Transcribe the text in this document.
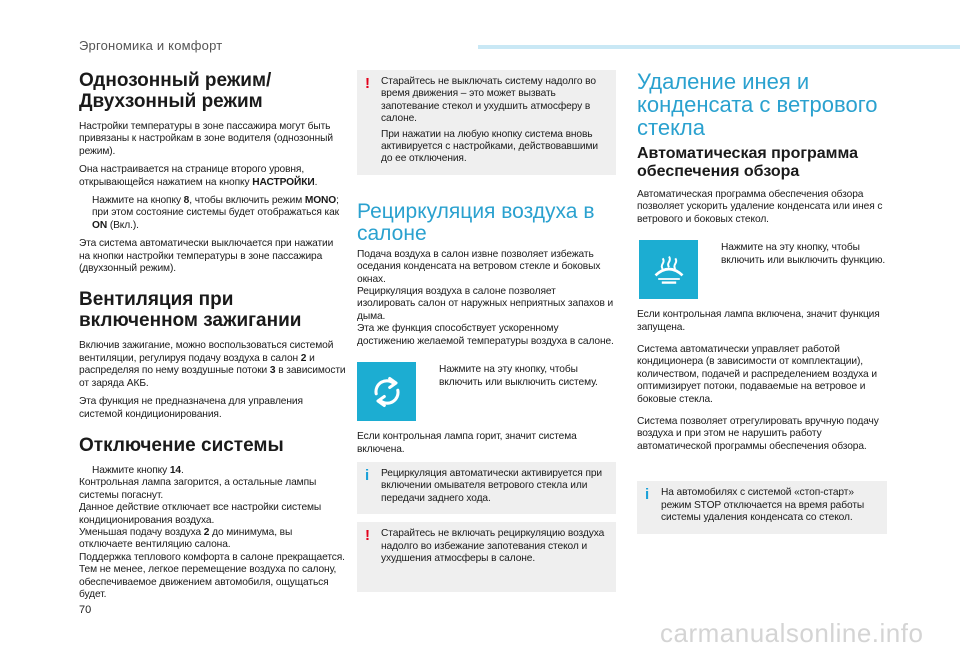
Эргономика и комфорт
Однозонный режим/
Двухзонный режим

Настройки температуры в зоне пассажира могут быть привязаны к настройкам в зоне водителя (однозонный режим).

Она настраивается на странице второго уровня, открывающейся нажатием на кнопку НАСТРОЙКИ.

Нажмите на кнопку 8, чтобы включить режим MONO; при этом состояние системы будет отображаться как ON (Вкл.).

Эта система автоматически выключается при нажатии на кнопки настройки температуры в зоне пассажира (двухзонный режим).

Вентиляция при
включенном зажигании

Включив зажигание, можно воспользоваться системой вентиляции, регулируя подачу воздуха в салон 2 и распределяя по нему воздушные потоки 3 в зависимости от заряда АКБ.

Эта функция не предназначена для управления системой кондиционирования.

Отключение системы

Нажмите кнопку 14.

Контрольная лампа загорится, а остальные лампы системы погаснут.

Данное действие отключает все настройки системы кондиционирования воздуха.

Уменьшая подачу воздуха 2 до минимума, вы отключаете вентиляцию салона.

Поддержка теплового комфорта в салоне прекращается. Тем не менее, легкое перемещение воздуха по салону, обеспечиваемое движением автомобиля, ощущаться будет.

!	Старайтесь не выключать систему надолго во время движения – это может вызвать запотевание стекол и ухудшить атмосферу в салоне.

При нажатии на любую кнопку система вновь активируется с настройками, действовавшими до ее отключения.

Рециркуляция воздуха в салоне

Подача воздуха в салон извне позволяет избежать оседания конденсата на ветровом стекле и боковых окнах.

Рециркуляция воздуха в салоне позволяет изолировать салон от наружных неприятных запахов и дыма.

Эта же функция способствует ускоренному достижению желаемой температуры воздуха в салоне.

Нажмите на эту кнопку, чтобы включить или выключить систему.

Если контрольная лампа горит, значит система включена.

i	Рециркуляция автоматически активируется при включении омывателя ветрового стекла или передачи заднего хода.

!	Старайтесь не включать рециркуляцию воздуха надолго во избежание запотевания стекол и ухудшения атмосферы в салоне.

Удаление инея и конденсата с ветрового стекла
Автоматическая программа
обеспечения обзора

Автоматическая программа обеспечения обзора позволяет ускорить удаление конденсата или инея с ветрового и боковых стекол.

Нажмите на эту кнопку, чтобы включить или выключить функцию.

Если контрольная лампа включена, значит функция запущена.

Система автоматически управляет работой кондиционера (в зависимости от комплектации), количеством, подачей и распределением воздуха и оптимизирует потоки, подаваемые на ветровое и боковые стекла.

Система позволяет отрегулировать вручную подачу воздуха и при этом не нарушить работу автоматической программы обеспечения обзора.

i	На автомобилях с системой «стоп-старт» режим STOP отключается на время работы системы удаления конденсата со стекол.

70
carmanualsonline.info
